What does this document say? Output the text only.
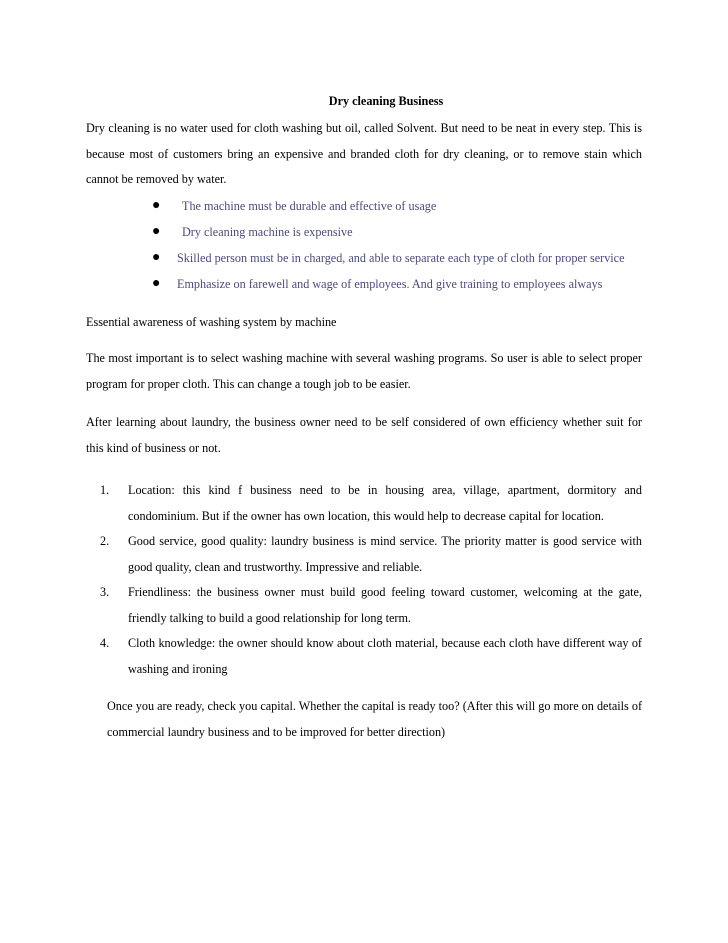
Dry cleaning Business
Dry cleaning is no water used for cloth washing but oil, called Solvent. But need to be neat in every step. This is because most of customers bring an expensive and branded cloth for dry cleaning, or to remove stain which cannot be removed by water.
● The machine must be durable and effective of usage
● Dry cleaning machine is expensive
● Skilled person must be in charged, and able to separate each type of cloth for proper service
● Emphasize on farewell and wage of employees. And give training to employees always
Essential awareness of washing system by machine
The most important is to select washing machine with several washing programs. So user is able to select proper program for proper cloth. This can change a tough job to be easier.
After learning about laundry, the business owner need to be self considered of own efficiency whether suit for this kind of business or not.
1. Location: this kind f business need to be in housing area, village, apartment, dormitory and condominium. But if the owner has own location, this would help to decrease capital for location.
2. Good service, good quality: laundry business is mind service. The priority matter is good service with good quality, clean and trustworthy. Impressive and reliable.
3. Friendliness: the business owner must build good feeling toward customer, welcoming at the gate, friendly talking to build a good relationship for long term.
4. Cloth knowledge: the owner should know about cloth material, because each cloth have different way of washing and ironing
Once you are ready, check you capital. Whether the capital is ready too? (After this will go more on details of commercial laundry business and to be improved for better direction)
